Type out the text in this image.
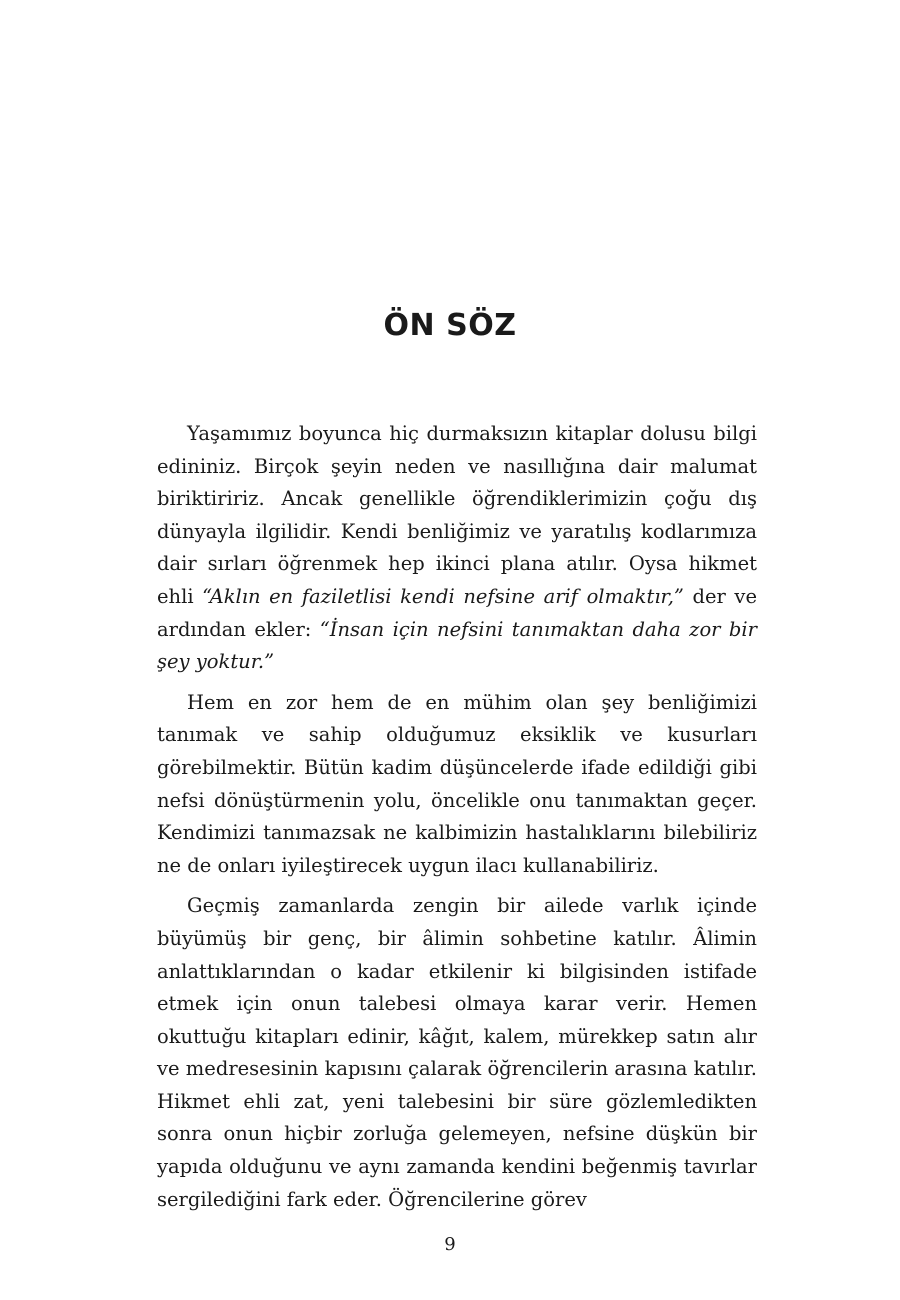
ÖN SÖZ

Yaşamımız boyunca hiç durmaksızın kitaplar dolusu bilgi edininiz. Birçok şeyin neden ve nasıllığına dair malumat biriktiririz. Ancak genellikle öğrendiklerimizin çoğu dış dünyayla ilgilidir. Kendi benliğimiz ve yaratılış kodlarımıza dair sırları öğrenmek hep ikinci plana atılır. Oysa hikmet ehli “Aklın en faziletlisi kendi nefsine arif olmaktır,” der ve ardından ekler: “İnsan için nefsini tanımaktan daha zor bir şey yoktur.”

Hem en zor hem de en mühim olan şey benliğimizi tanımak ve sahip olduğumuz eksiklik ve kusurları görebilmektir. Bütün kadim düşüncelerde ifade edildiği gibi nefsi dönüştürmenin yolu, öncelikle onu tanımaktan geçer. Kendimizi tanımazsak ne kalbimizin hastalıklarını bilebiliriz ne de onları iyileştirecek uygun ilacı kullanabiliriz.

Geçmiş zamanlarda zengin bir ailede varlık içinde büyümüş bir genç, bir âlimin sohbetine katılır. Âlimin anlattıklarından o kadar etkilenir ki bilgisinden istifade etmek için onun talebesi olmaya karar verir. Hemen okuttuğu kitapları edinir, kâğıt, kalem, mürekkep satın alır ve medresesinin kapısını çalarak öğrencilerin arasına katılır. Hikmet ehli zat, yeni talebesini bir süre gözlemledikten sonra onun hiçbir zorluğa gelemeyen, nefsine düşkün bir yapıda olduğunu ve aynı zamanda kendini beğenmiş tavırlar sergilediğini fark eder. Öğrencilerine görev

9
